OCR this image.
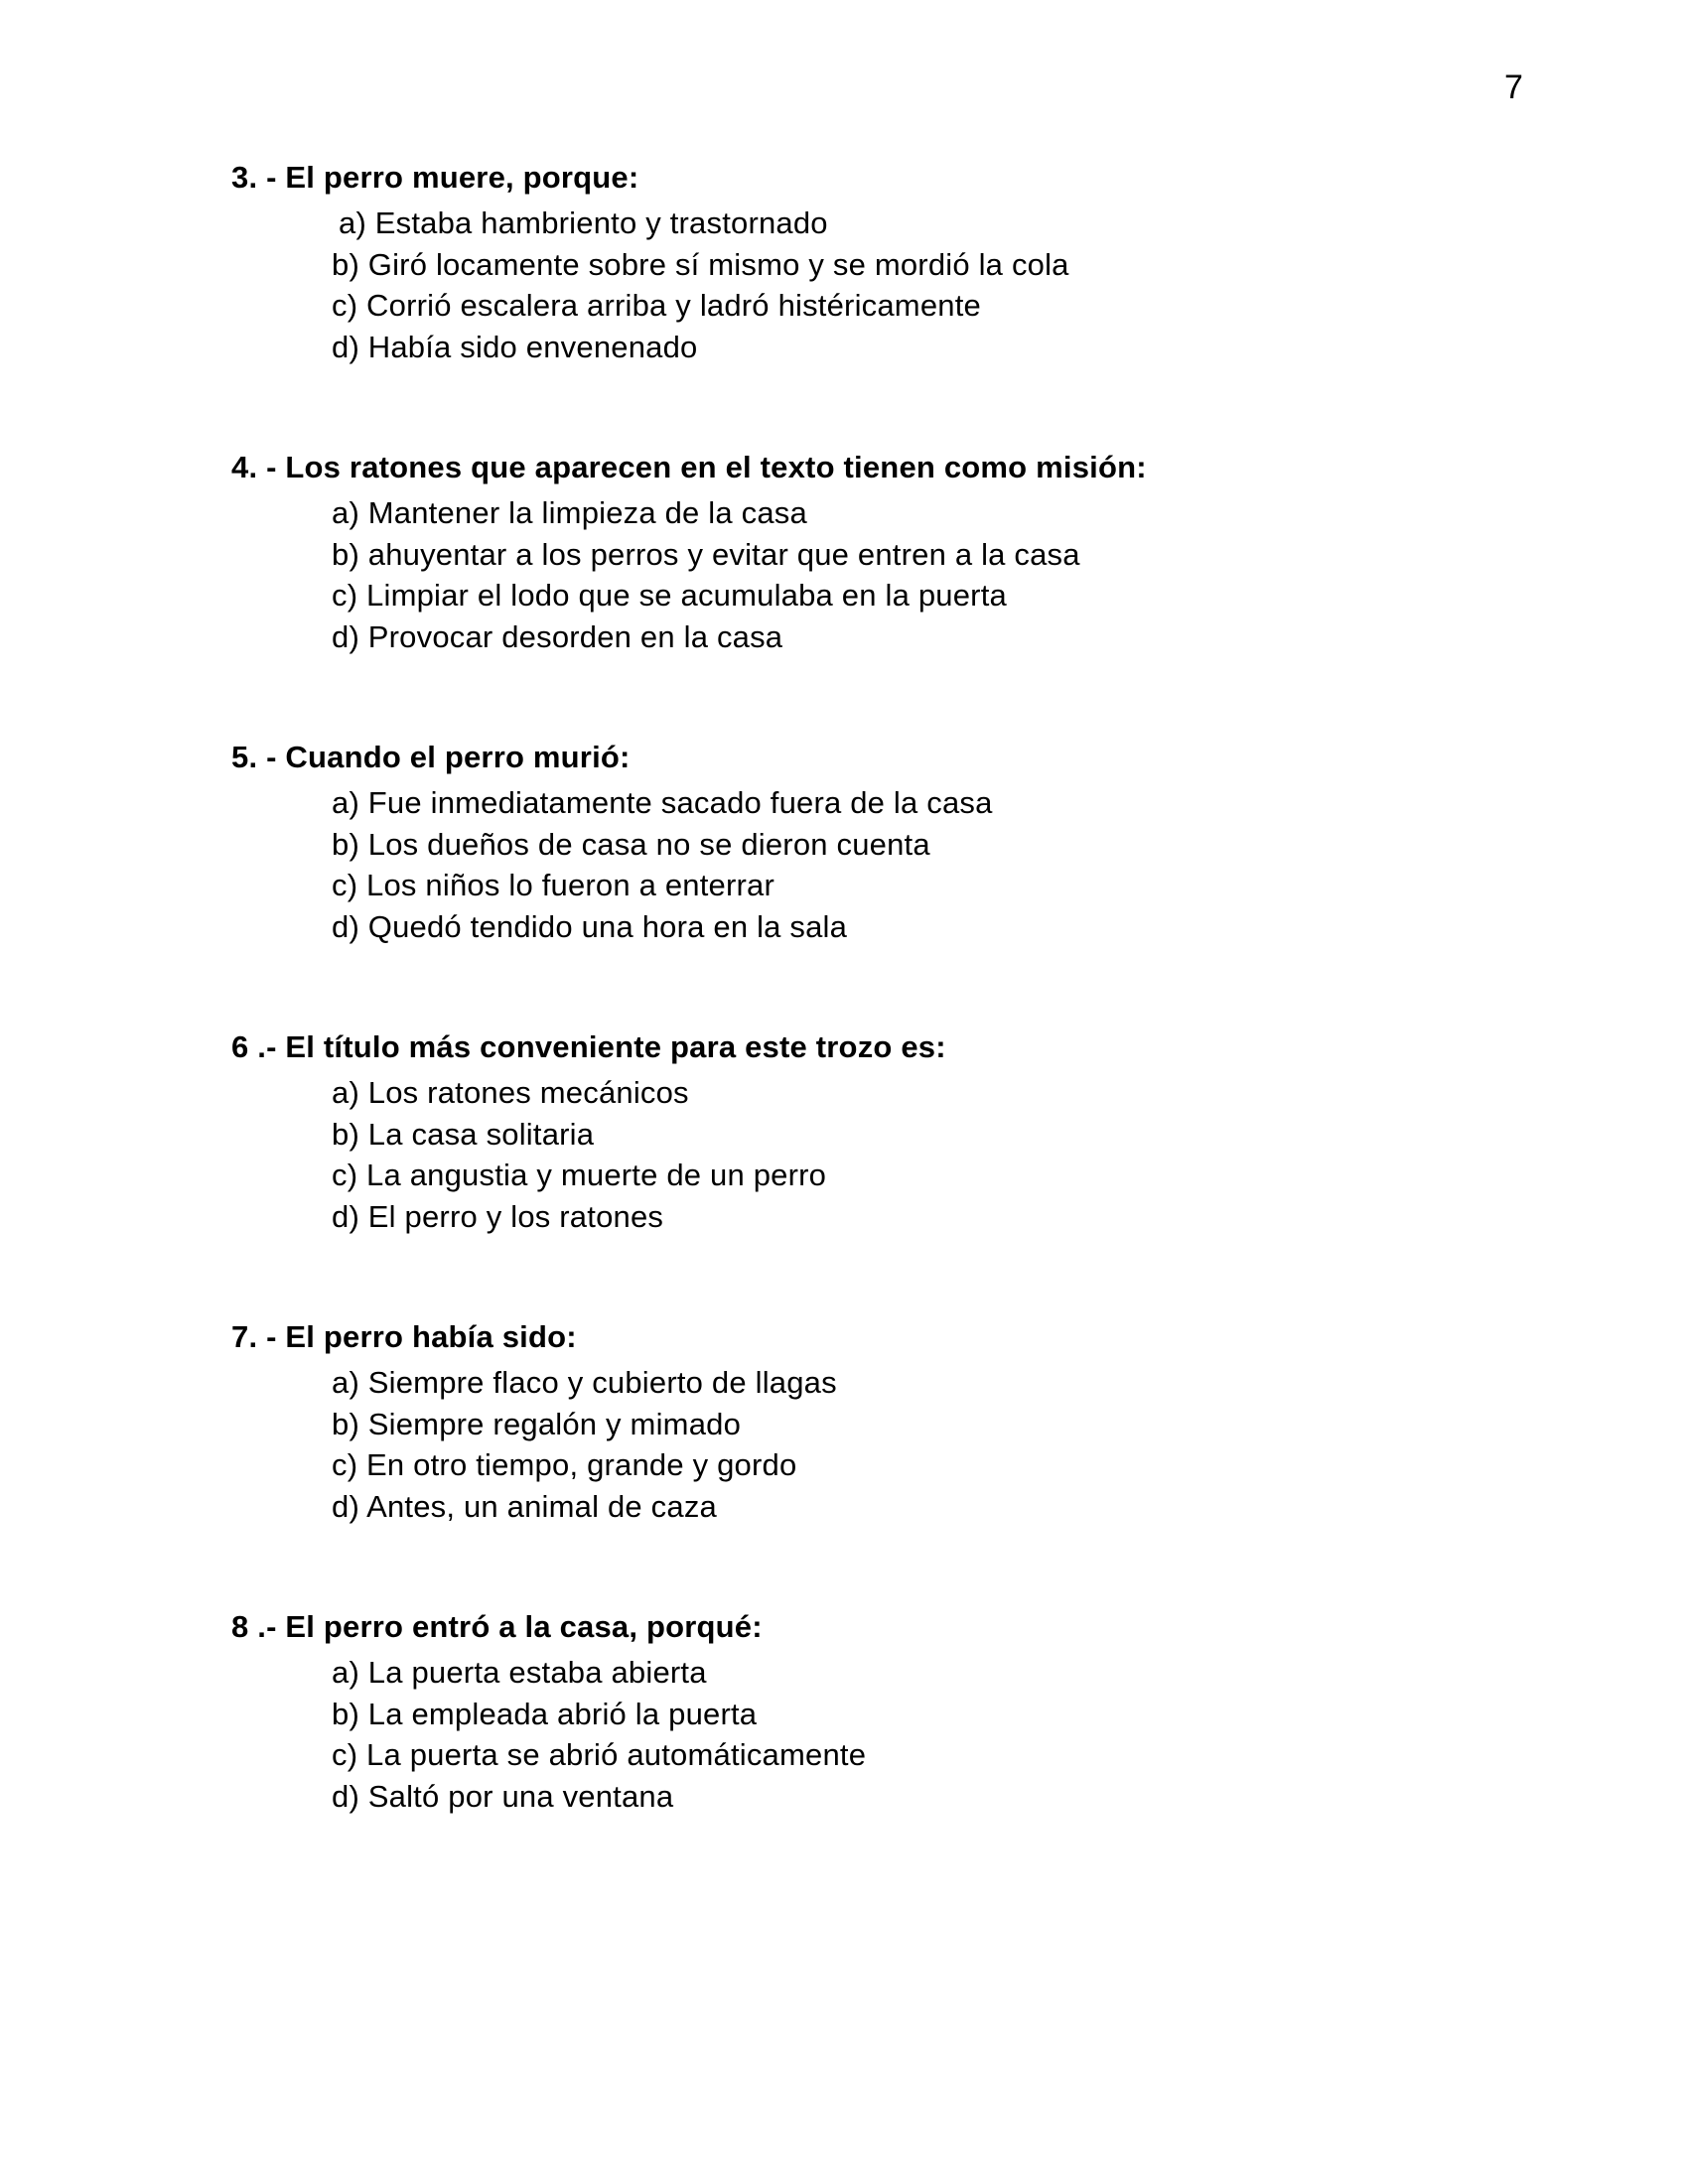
7
3. - El perro muere, porque:
a) Estaba hambriento y trastornado
b) Giró locamente sobre sí mismo y se mordió la cola
c) Corrió escalera arriba y ladró histéricamente
d) Había sido envenenado
4. - Los ratones que aparecen en el texto tienen como misión:
a) Mantener la limpieza de la casa
b) ahuyentar a los perros y evitar que entren a la casa
c) Limpiar el lodo que se acumulaba en la puerta
d) Provocar desorden en la casa
5. - Cuando el perro murió:
a) Fue inmediatamente sacado fuera de la casa
b) Los dueños de casa no se dieron cuenta
c) Los niños lo fueron a enterrar
d) Quedó tendido una hora en la sala
6 .- El título más conveniente para este trozo es:
a) Los ratones mecánicos
b) La casa solitaria
c) La angustia y muerte de un perro
d) El perro y los ratones
7. - El perro había sido:
a) Siempre flaco y cubierto de llagas
b) Siempre regalón y mimado
c) En otro tiempo, grande y gordo
d) Antes, un animal de caza
8 .- El perro entró a la casa, porqué:
a) La puerta estaba abierta
b) La empleada abrió la puerta
c) La puerta se abrió automáticamente
d) Saltó por una ventana
